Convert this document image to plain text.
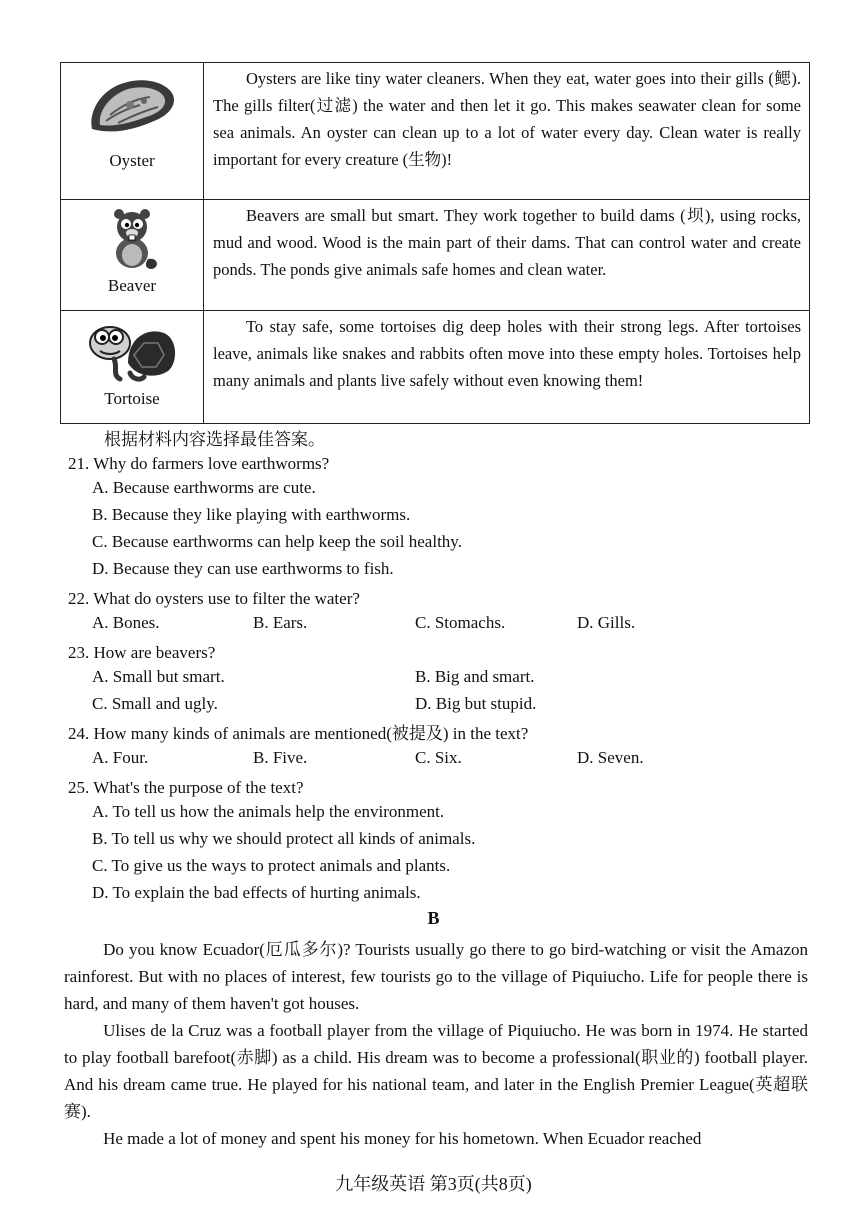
Oyster	Oysters are like tiny water cleaners. When they eat, water goes into their gills (鳃). The gills filter(过滤) the water and then let it go. This makes seawater clean for some sea animals. An oyster can clean up to a lot of water every day. Clean water is really important for every creature (生物)!

Beaver	Beavers are small but smart. They work together to build dams (坝), using rocks, mud and wood. Wood is the main part of their dams. That can control water and create ponds. The ponds give animals safe homes and clean water.

Tortoise	To stay safe, some tortoises dig deep holes with their strong legs. After tortoises leave, animals like snakes and rabbits often move into these empty holes. Tortoises help many animals and plants live safely without even knowing them!

根据材料内容选择最佳答案。
21. Why do farmers love earthworms?
A. Because earthworms are cute.
B. Because they like playing with earthworms.
C. Because earthworms can help keep the soil healthy.
D. Because they can use earthworms to fish.
22. What do oysters use to filter the water?
A. Bones.	B. Ears.	C. Stomachs.	D. Gills.
23. How are beavers?
A. Small but smart.	B. Big and smart.
C. Small and ugly.	D. Big but stupid.
24. How many kinds of animals are mentioned(被提及) in the text?
A. Four.	B. Five.	C. Six.	D. Seven.
25. What's the purpose of the text?
A. To tell us how the animals help the environment.
B. To tell us why we should protect all kinds of animals.
C. To give us the ways to protect animals and plants.
D. To explain the bad effects of hurting animals.
B

Do you know Ecuador(厄瓜多尔)? Tourists usually go there to go bird-watching or visit the Amazon rainforest. But with no places of interest, few tourists go to the village of Piquiucho. Life for people there is hard, and many of them haven't got houses.

Ulises de la Cruz was a football player from the village of Piquiucho. He was born in 1974. He started to play football barefoot(赤脚) as a child. His dream was to become a professional(职业的) football player. And his dream came true. He played for his national team, and later in the English Premier League(英超联赛).

He made a lot of money and spent his money for his hometown. When Ecuador reached

九年级英语 第3页(共8页)
